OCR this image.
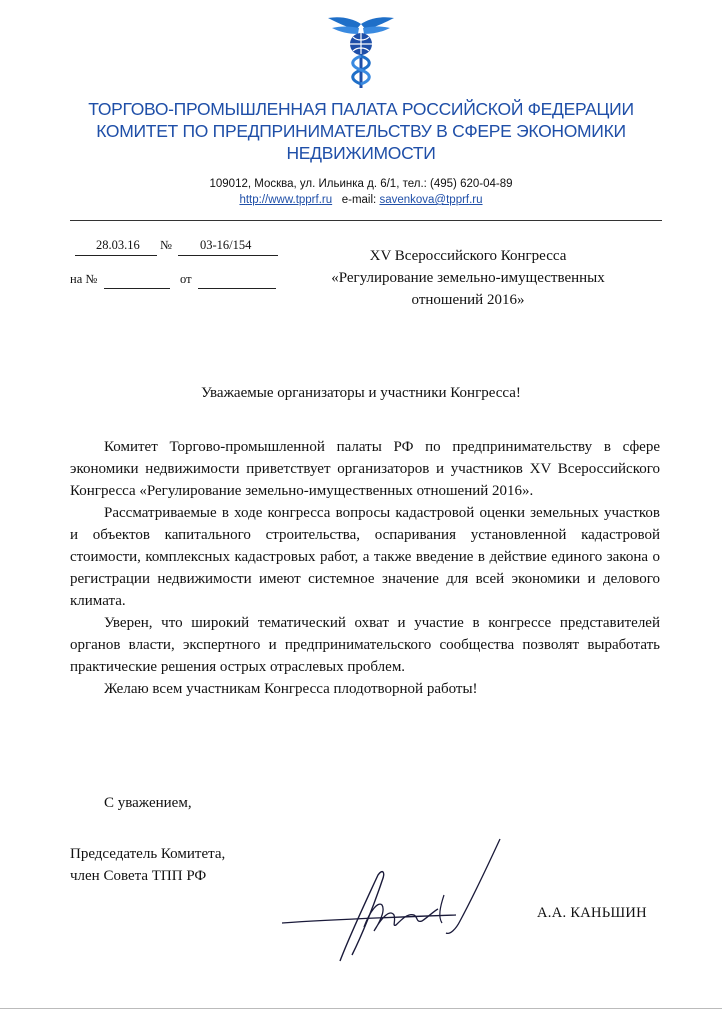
ТОРГОВО-ПРОМЫШЛЕННАЯ ПАЛАТА РОССИЙСКОЙ ФЕДЕРАЦИИ
КОМИТЕТ ПО ПРЕДПРИНИМАТЕЛЬСТВУ В СФЕРЕ ЭКОНОМИКИ
НЕДВИЖИМОСТИ
109012, Москва, ул. Ильинка д. 6/1, тел.: (495) 620-04-89
http://www.tpprf.ru e-mail: savenkova@tpprf.ru
28.03.16 № 03-16/154
на №	от
XV Всероссийского Конгресса
«Регулирование земельно-имущественных
отношений 2016»
Уважаемые организаторы и участники Конгресса!

Комитет Торгово-промышленной палаты РФ по предпринимательству в сфере экономики недвижимости приветствует организаторов и участников XV Всероссийского Конгресса «Регулирование земельно-имущественных отношений 2016».

Рассматриваемые в ходе конгресса вопросы кадастровой оценки земельных участков и объектов капитального строительства, оспаривания установленной кадастровой стоимости, комплексных кадастровых работ, а также введение в действие единого закона о регистрации недвижимости имеют системное значение для всей экономики и делового климата.

Уверен, что широкий тематический охват и участие в конгрессе представителей органов власти, экспертного и предпринимательского сообщества позволят выработать практические решения острых отраслевых проблем.

Желаю всем участникам Конгресса плодотворной работы!

С уважением,
Председатель Комитета,
член Совета ТПП РФ
А.А. КАНЬШИН
